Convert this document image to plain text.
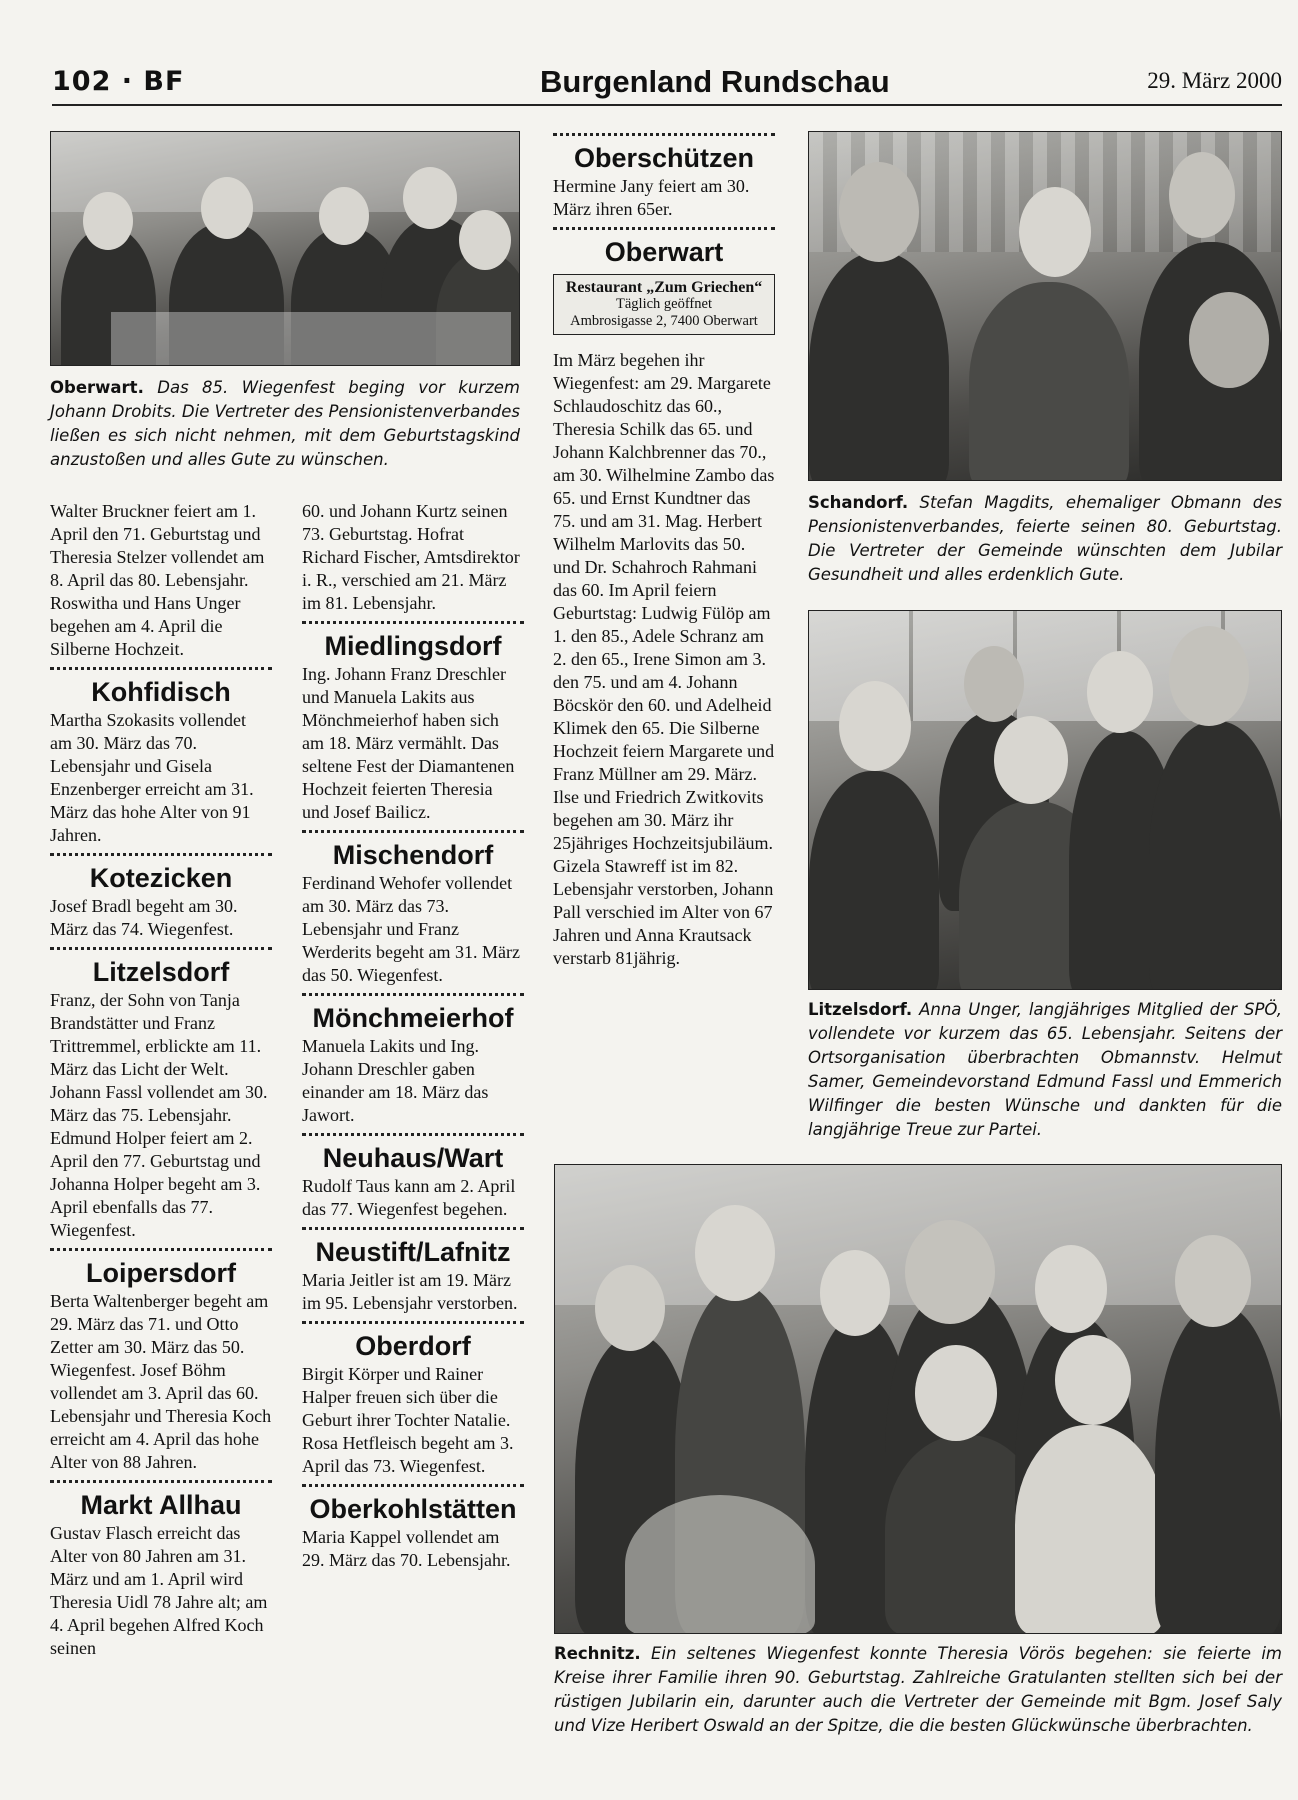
102 · BF	Burgenland Rundschau	29. März 2000
Oberwart. Das 85. Wiegenfest beging vor kurzem Johann Drobits. Die Vertreter des Pensionistenverbandes ließen es sich nicht nehmen, mit dem Geburtstagskind anzustoßen und alles Gute zu wünschen.
Schandorf. Stefan Magdits, ehemaliger Obmann des Pensionistenverbandes, feierte seinen 80. Geburtstag. Die Vertreter der Gemeinde wünschten dem Jubilar Gesundheit und alles erdenklich Gute.
Litzelsdorf. Anna Unger, langjähriges Mitglied der SPÖ, vollendete vor kurzem das 65. Lebensjahr. Seitens der Ortsorganisation überbrachten Obmannstv. Helmut Samer, Gemeindevorstand Edmund Fassl und Emmerich Wilfinger die besten Wünsche und dankten für die langjährige Treue zur Partei.
Rechnitz. Ein seltenes Wiegenfest konnte Theresia Vörös begehen: sie feierte im Kreise ihrer Familie ihren 90. Geburtstag. Zahlreiche Gratulanten stellten sich bei der rüstigen Jubilarin ein, darunter auch die Vertreter der Gemeinde mit Bgm. Josef Saly und Vize Heribert Oswald an der Spitze, die die besten Glückwünsche überbrachten.

Walter Bruckner feiert am 1. April den 71. Geburtstag und Theresia Stelzer vollendet am 8. April das 80. Lebensjahr. Roswitha und Hans Unger begehen am 4. April die Silberne Hochzeit.

Kohfidisch

Martha Szokasits vollendet am 30. März das 70. Lebensjahr und Gisela Enzenberger erreicht am 31. März das hohe Alter von 91 Jahren.

Kotezicken

Josef Bradl begeht am 30. März das 74. Wiegenfest.

Litzelsdorf

Franz, der Sohn von Tanja Brandstätter und Franz Trittremmel, erblickte am 11. März das Licht der Welt. Johann Fassl vollendet am 30. März das 75. Lebensjahr. Edmund Holper feiert am 2. April den 77. Geburtstag und Johanna Holper begeht am 3. April ebenfalls das 77. Wiegenfest.

Loipersdorf

Berta Waltenberger begeht am 29. März das 71. und Otto Zetter am 30. März das 50. Wiegenfest. Josef Böhm vollendet am 3. April das 60. Lebensjahr und Theresia Koch erreicht am 4. April das hohe Alter von 88 Jahren.

Markt Allhau

Gustav Flasch erreicht das Alter von 80 Jahren am 31. März und am 1. April wird Theresia Uidl 78 Jahre alt; am 4. April begehen Alfred Koch seinen

60. und Johann Kurtz seinen 73. Geburtstag. Hofrat Richard Fischer, Amtsdirektor i. R., verschied am 21. März im 81. Lebensjahr.

Miedlingsdorf

Ing. Johann Franz Dreschler und Manuela Lakits aus Mönchmeierhof haben sich am 18. März vermählt. Das seltene Fest der Diamantenen Hochzeit feierten Theresia und Josef Bailicz.

Mischendorf

Ferdinand Wehofer vollendet am 30. März das 73. Lebensjahr und Franz Werderits begeht am 31. März das 50. Wiegenfest.

Mönchmeierhof

Manuela Lakits und Ing. Johann Dreschler gaben einander am 18. März das Jawort.

Neuhaus/Wart

Rudolf Taus kann am 2. April das 77. Wiegenfest begehen.

Neustift/Lafnitz

Maria Jeitler ist am 19. März im 95. Lebensjahr verstorben.

Oberdorf

Birgit Körper und Rainer Halper freuen sich über die Geburt ihrer Tochter Natalie. Rosa Hetfleisch begeht am 3. April das 73. Wiegenfest.

Oberkohlstätten

Maria Kappel vollendet am 29. März das 70. Lebensjahr.

Oberschützen

Hermine Jany feiert am 30. März ihren 65er.

Oberwart
Restaurant „Zum Griechen“
Täglich geöffnet
Ambrosigasse 2, 7400 Oberwart

Im März begehen ihr Wiegenfest: am 29. Margarete Schlaudoschitz das 60., Theresia Schilk das 65. und Johann Kalchbrenner das 70., am 30. Wilhelmine Zambo das 65. und Ernst Kundtner das 75. und am 31. Mag. Herbert Wilhelm Marlovits das 50. und Dr. Schahroch Rahmani das 60. Im April feiern Geburtstag: Ludwig Fülöp am 1. den 85., Adele Schranz am 2. den 65., Irene Simon am 3. den 75. und am 4. Johann Böcskör den 60. und Adelheid Klimek den 65. Die Silberne Hochzeit feiern Margarete und Franz Müllner am 29. März. Ilse und Friedrich Zwitkovits begehen am 30. März ihr 25jähriges Hochzeitsjubiläum. Gizela Stawreff ist im 82. Lebensjahr verstorben, Johann Pall verschied im Alter von 67 Jahren und Anna Krautsack verstarb 81jährig.
